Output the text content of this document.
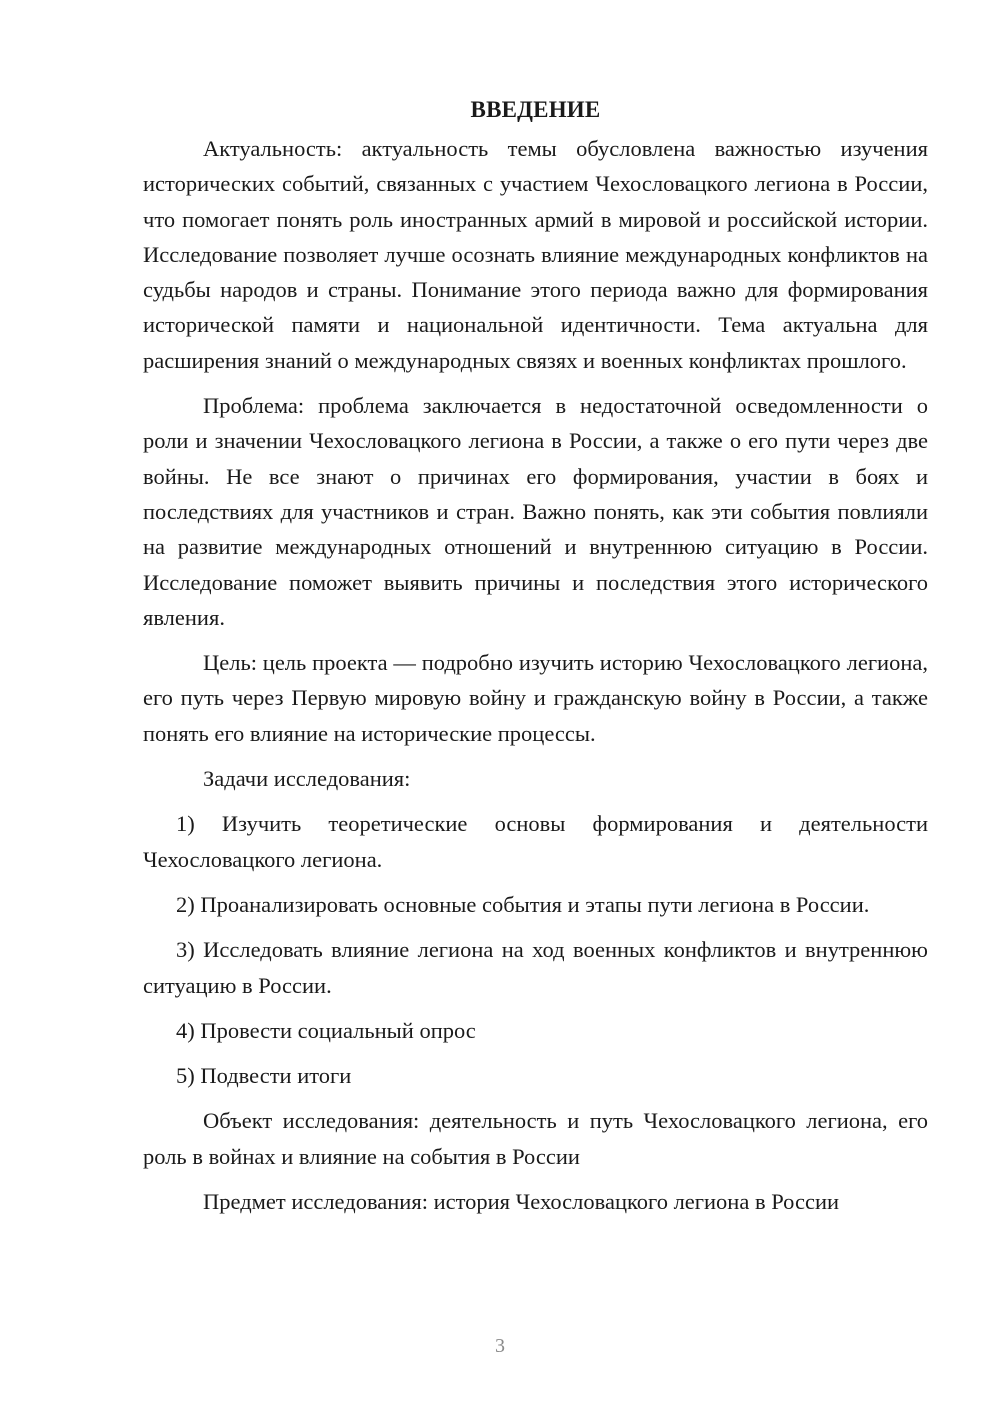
ВВЕДЕНИЕ

Актуальность: актуальность темы обусловлена важностью изучения исторических событий, связанных с участием Чехословацкого легиона в России, что помогает понять роль иностранных армий в мировой и российской истории. Исследование позволяет лучше осознать влияние международных конфликтов на судьбы народов и страны. Понимание этого периода важно для формирования исторической памяти и национальной идентичности. Тема актуальна для расширения знаний о международных связях и военных конфликтах прошлого.

Проблема: проблема заключается в недостаточной осведомленности о роли и значении Чехословацкого легиона в России, а также о его пути через две войны. Не все знают о причинах его формирования, участии в боях и последствиях для участников и стран. Важно понять, как эти события повлияли на развитие международных отношений и внутреннюю ситуацию в России. Исследование поможет выявить причины и последствия этого исторического явления.

Цель: цель проекта — подробно изучить историю Чехословацкого легиона, его путь через Первую мировую войну и гражданскую войну в России, а также понять его влияние на исторические процессы.

Задачи исследования:

1) Изучить теоретические основы формирования и деятельности Чехословацкого легиона.

2) Проанализировать основные события и этапы пути легиона в России.

3) Исследовать влияние легиона на ход военных конфликтов и внутреннюю ситуацию в России.

4) Провести социальный опрос

5) Подвести итоги

Объект исследования: деятельность и путь Чехословацкого легиона, его роль в войнах и влияние на события в России

Предмет исследования: история Чехословацкого легиона в России

3
